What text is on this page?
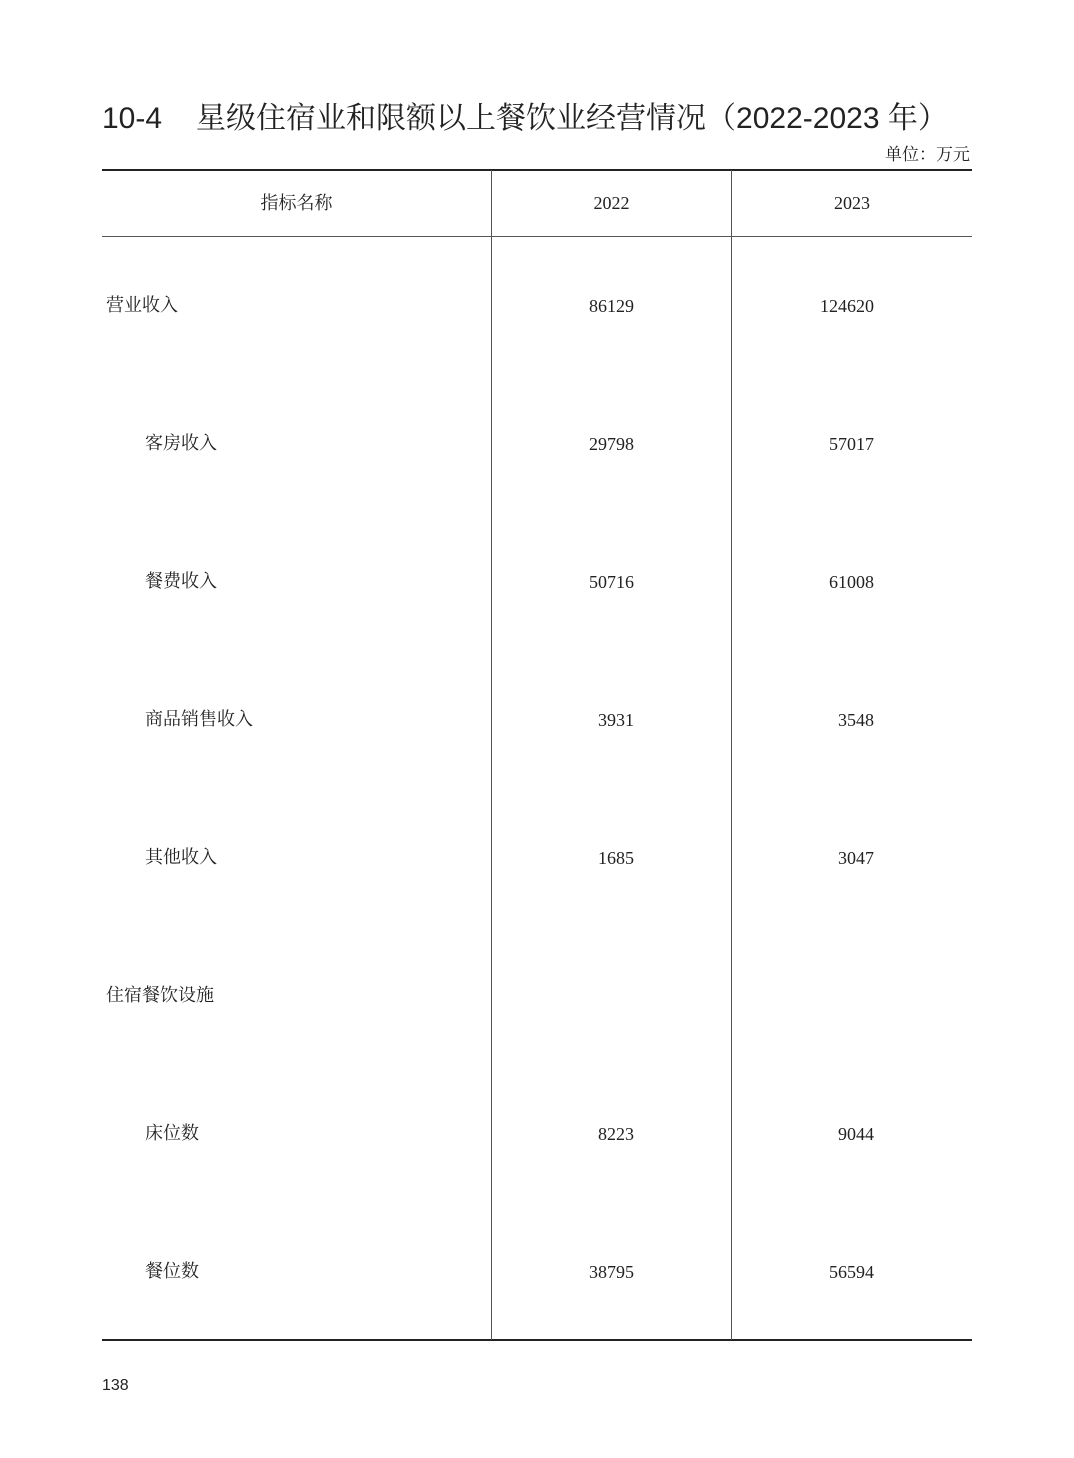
10-4 星级住宿业和限额以上餐饮业经营情况（2022-2023 年）
单位：万元
指标名称	2022	2023
营业收入	86129	124620
客房收入	29798	57017
餐费收入	50716	61008
商品销售收入	3931	3548
其他收入	1685	3047
住宿餐饮设施
床位数	8223	9044
餐位数	38795	56594
138
